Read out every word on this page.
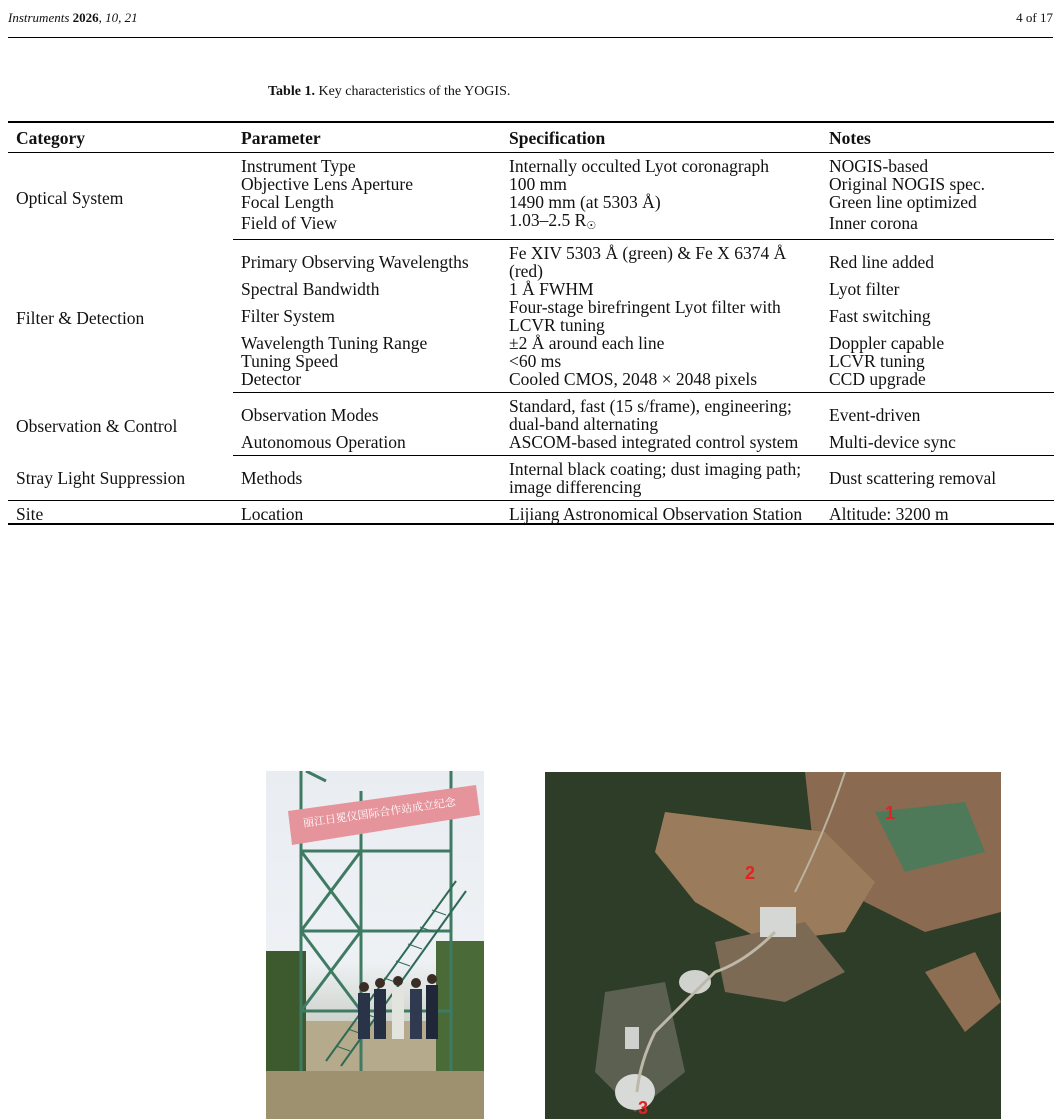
Instruments 2026, 10, 21	4 of 17
Table 1. Key characteristics of the YOGIS.
Category	Parameter	Specification	Notes
Optical System	Instrument Type	Internally occulted Lyot coronagraph	NOGIS-based
	Objective Lens Aperture	100 mm	Original NOGIS spec.
	Focal Length	1490 mm (at 5303 Å)	Green line optimized
	Field of View	1.03–2.5 R☉	Inner corona
Filter & Detection	Primary Observing Wavelengths	Fe XIV 5303 Å (green) & Fe X 6374 Å (red)	Red line added
	Spectral Bandwidth	1 Å FWHM	Lyot filter
	Filter System	Four-stage birefringent Lyot filter with LCVR tuning	Fast switching
	Wavelength Tuning Range	±2 Å around each line	Doppler capable
	Tuning Speed	<60 ms	LCVR tuning
	Detector	Cooled CMOS, 2048 × 2048 pixels	CCD upgrade
Observation & Control	Observation Modes	Standard, fast (15 s/frame), engineering; dual-band alternating	Event-driven
	Autonomous Operation	ASCOM-based integrated control system	Multi-device sync
Stray Light Suppression	Methods	Internal black coating; dust imaging path; image differencing	Dust scattering removal
Site	Location	Lijiang Astronomical Observation Station	Altitude: 3200 m
丽江日冕仪国际合作站成立纪念	1
2
3
